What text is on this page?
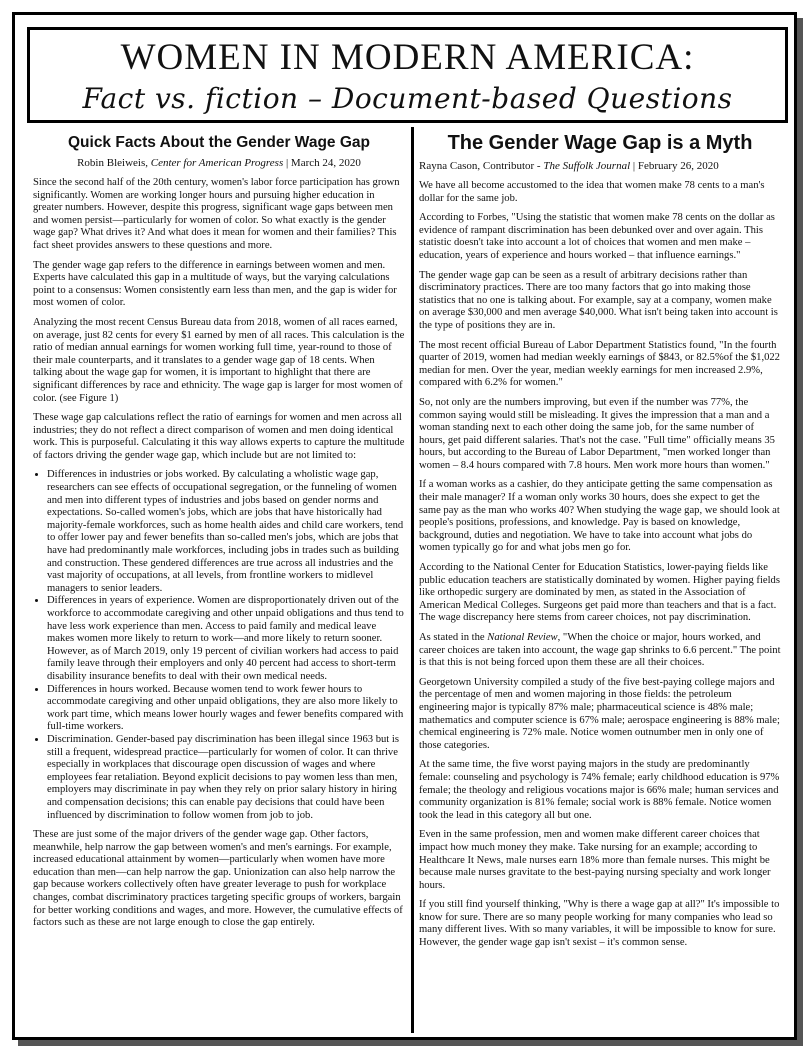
WOMEN IN MODERN AMERICA:
Fact vs. fiction – Document-based Questions
Quick Facts About the Gender Wage Gap
Robin Bleiweis, Center for American Progress | March 24, 2020

Since the second half of the 20th century, women's labor force participation has grown significantly. Women are working longer hours and pursuing higher education in greater numbers. However, despite this progress, significant wage gaps between men and women persist—particularly for women of color. So what exactly is the gender wage gap? What drives it? And what does it mean for women and their families? This fact sheet provides answers to these questions and more.

The gender wage gap refers to the difference in earnings between women and men. Experts have calculated this gap in a multitude of ways, but the varying calculations point to a consensus: Women consistently earn less than men, and the gap is wider for most women of color.

Analyzing the most recent Census Bureau data from 2018, women of all races earned, on average, just 82 cents for every $1 earned by men of all races. This calculation is the ratio of median annual earnings for women working full time, year-round to those of their male counterparts, and it translates to a gender wage gap of 18 cents. When talking about the wage gap for women, it is important to highlight that there are significant differences by race and ethnicity. The wage gap is larger for most women of color. (see Figure 1)

These wage gap calculations reflect the ratio of earnings for women and men across all industries; they do not reflect a direct comparison of women and men doing identical work. This is purposeful. Calculating it this way allows experts to capture the multitude of factors driving the gender wage gap, which include but are not limited to:

• Differences in industries or jobs worked. By calculating a wholistic wage gap, researchers can see effects of occupational segregation, or the funneling of women and men into different types of industries and jobs based on gender norms and expectations. So-called women's jobs, which are jobs that have historically had majority-female workforces, such as home health aides and child care workers, tend to offer lower pay and fewer benefits than so-called men's jobs, which are jobs that have had predominantly male workforces, including jobs in trades such as building and construction. These gendered differences are true across all industries and the vast majority of occupations, at all levels, from frontline workers to midlevel managers to senior leaders.
• Differences in years of experience. Women are disproportionately driven out of the workforce to accommodate caregiving and other unpaid obligations and thus tend to have less work experience than men. Access to paid family and medical leave makes women more likely to return to work—and more likely to return sooner. However, as of March 2019, only 19 percent of civilian workers had access to paid family leave through their employers and only 40 percent had access to short-term disability insurance benefits to deal with their own medical needs.
• Differences in hours worked. Because women tend to work fewer hours to accommodate caregiving and other unpaid obligations, they are also more likely to work part time, which means lower hourly wages and fewer benefits compared with full-time workers.
• Discrimination. Gender-based pay discrimination has been illegal since 1963 but is still a frequent, widespread practice—particularly for women of color. It can thrive especially in workplaces that discourage open discussion of wages and where employees fear retaliation. Beyond explicit decisions to pay women less than men, employers may discriminate in pay when they rely on prior salary history in hiring and compensation decisions; this can enable pay decisions that could have been influenced by discrimination to follow women from job to job.

These are just some of the major drivers of the gender wage gap. Other factors, meanwhile, help narrow the gap between women's and men's earnings. For example, increased educational attainment by women—particularly when women have more education than men—can help narrow the gap. Unionization can also help narrow the gap because workers collectively often have greater leverage to push for workplace changes, combat discriminatory practices targeting specific groups of workers, bargain for better working conditions and wages, and more. However, the cumulative effects of factors such as these are not large enough to close the gap entirely.

The Gender Wage Gap is a Myth
Rayna Cason, Contributor - The Suffolk Journal | February 26, 2020

We have all become accustomed to the idea that women make 78 cents to a man's dollar for the same job.

According to Forbes, "Using the statistic that women make 78 cents on the dollar as evidence of rampant discrimination has been debunked over and over again. This statistic doesn't take into account a lot of choices that women and men make – education, years of experience and hours worked – that influence earnings."

The gender wage gap can be seen as a result of arbitrary decisions rather than discriminatory practices. There are too many factors that go into making those statistics that no one is talking about. For example, say at a company, women make on average $30,000 and men average $40,000. What isn't being taken into account is the type of positions they are in.

The most recent official Bureau of Labor Department Statistics found, "In the fourth quarter of 2019, women had median weekly earnings of $843, or 82.5%of the $1,022 median for men. Over the year, median weekly earnings for men increased 2.9%, compared with 6.2% for women."

So, not only are the numbers improving, but even if the number was 77%, the common saying would still be misleading. It gives the impression that a man and a woman standing next to each other doing the same job, for the same number of hours, get paid different salaries. That's not the case. "Full time" officially means 35 hours, but according to the Bureau of Labor Department, "men worked longer than women – 8.4 hours compared with 7.8 hours. Men work more hours than women."

If a woman works as a cashier, do they anticipate getting the same compensation as their male manager? If a woman only works 30 hours, does she expect to get the same pay as the man who works 40? When studying the wage gap, we should look at people's positions, professions, and knowledge. Pay is based on knowledge, background, duties and negotiation. We have to take into account what jobs do women typically go for and what jobs men go for.

According to the National Center for Education Statistics, lower-paying fields like public education teachers are statistically dominated by women. Higher paying fields like orthopedic surgery are dominated by men, as stated in the Association of American Medical Colleges. Surgeons get paid more than teachers and that is a fact. The wage discrepancy here stems from career choices, not pay discrimination.

As stated in the National Review, "When the choice or major, hours worked, and career choices are taken into account, the wage gap shrinks to 6.6 percent." The point is that this is not being forced upon them these are all their choices.

Georgetown University compiled a study of the five best-paying college majors and the percentage of men and women majoring in those fields: the petroleum engineering major is typically 87% male; pharmaceutical science is 48% male; mathematics and computer science is 67% male; aerospace engineering is 88% male; chemical engineering is 72% male. Notice women outnumber men in only one of those categories.

At the same time, the five worst paying majors in the study are predominantly female: counseling and psychology is 74% female; early childhood education is 97% female; the theology and religious vocations major is 66% male; human services and community organization is 81% female; social work is 88% female. Notice women took the lead in this category all but one.

Even in the same profession, men and women make different career choices that impact how much money they make. Take nursing for an example; according to Healthcare It News, male nurses earn 18% more than female nurses. This might be because male nurses gravitate to the best-paying nursing specialty and work longer hours.

If you still find yourself thinking, "Why is there a wage gap at all?" It's impossible to know for sure. There are so many people working for many companies who lead so many different lives. With so many variables, it will be impossible to know for sure. However, the gender wage gap isn't sexist – it's common sense.
